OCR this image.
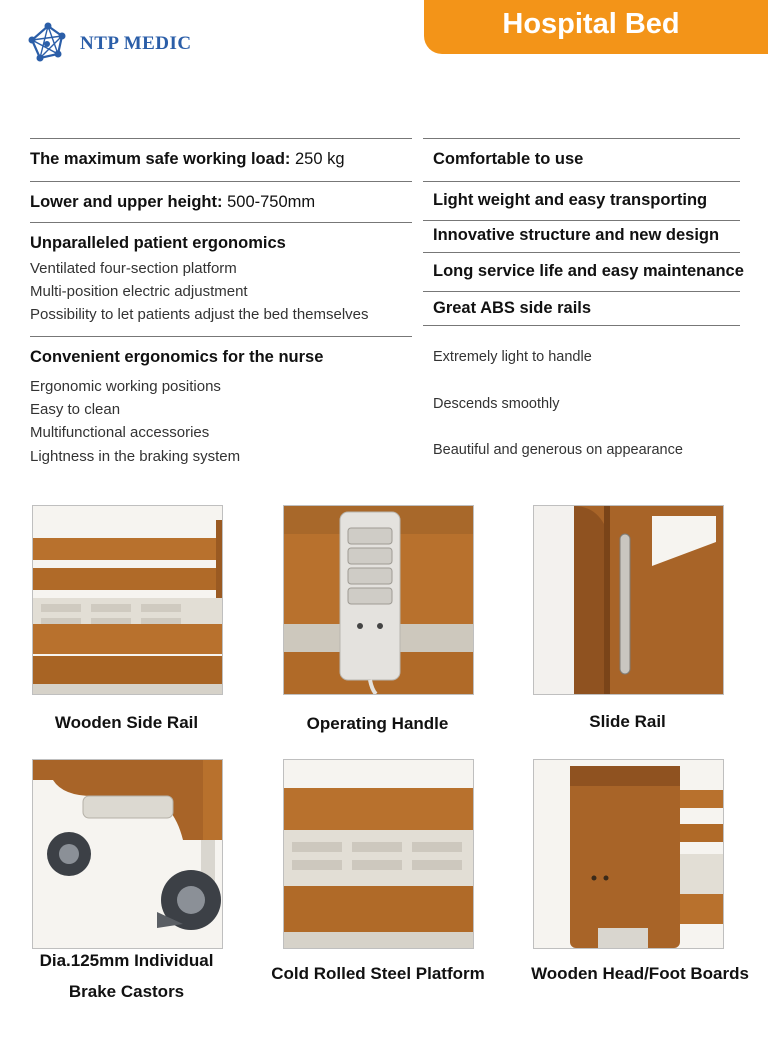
NTP MEDIC
Hospital Bed
The maximum safe working load: 250 kg
Lower and upper height: 500-750mm
Unparalleled patient ergonomics
Ventilated four-section platform
Multi-position electric adjustment
Possibility to let patients adjust the bed themselves
Convenient ergonomics for the nurse
Ergonomic working positions
Easy to clean
Multifunctional accessories
Lightness in the braking system
Comfortable to use
Light weight and easy transporting
Innovative structure and new design
Long service life and easy maintenance
Great ABS side rails
Extremely light to handle
Descends smoothly
Beautiful and generous on appearance
Wooden Side Rail	Operating Handle	Slide Rail
Dia.125mm Individual
Brake Castors
Cold Rolled Steel Platform	Wooden Head/Foot Boards
